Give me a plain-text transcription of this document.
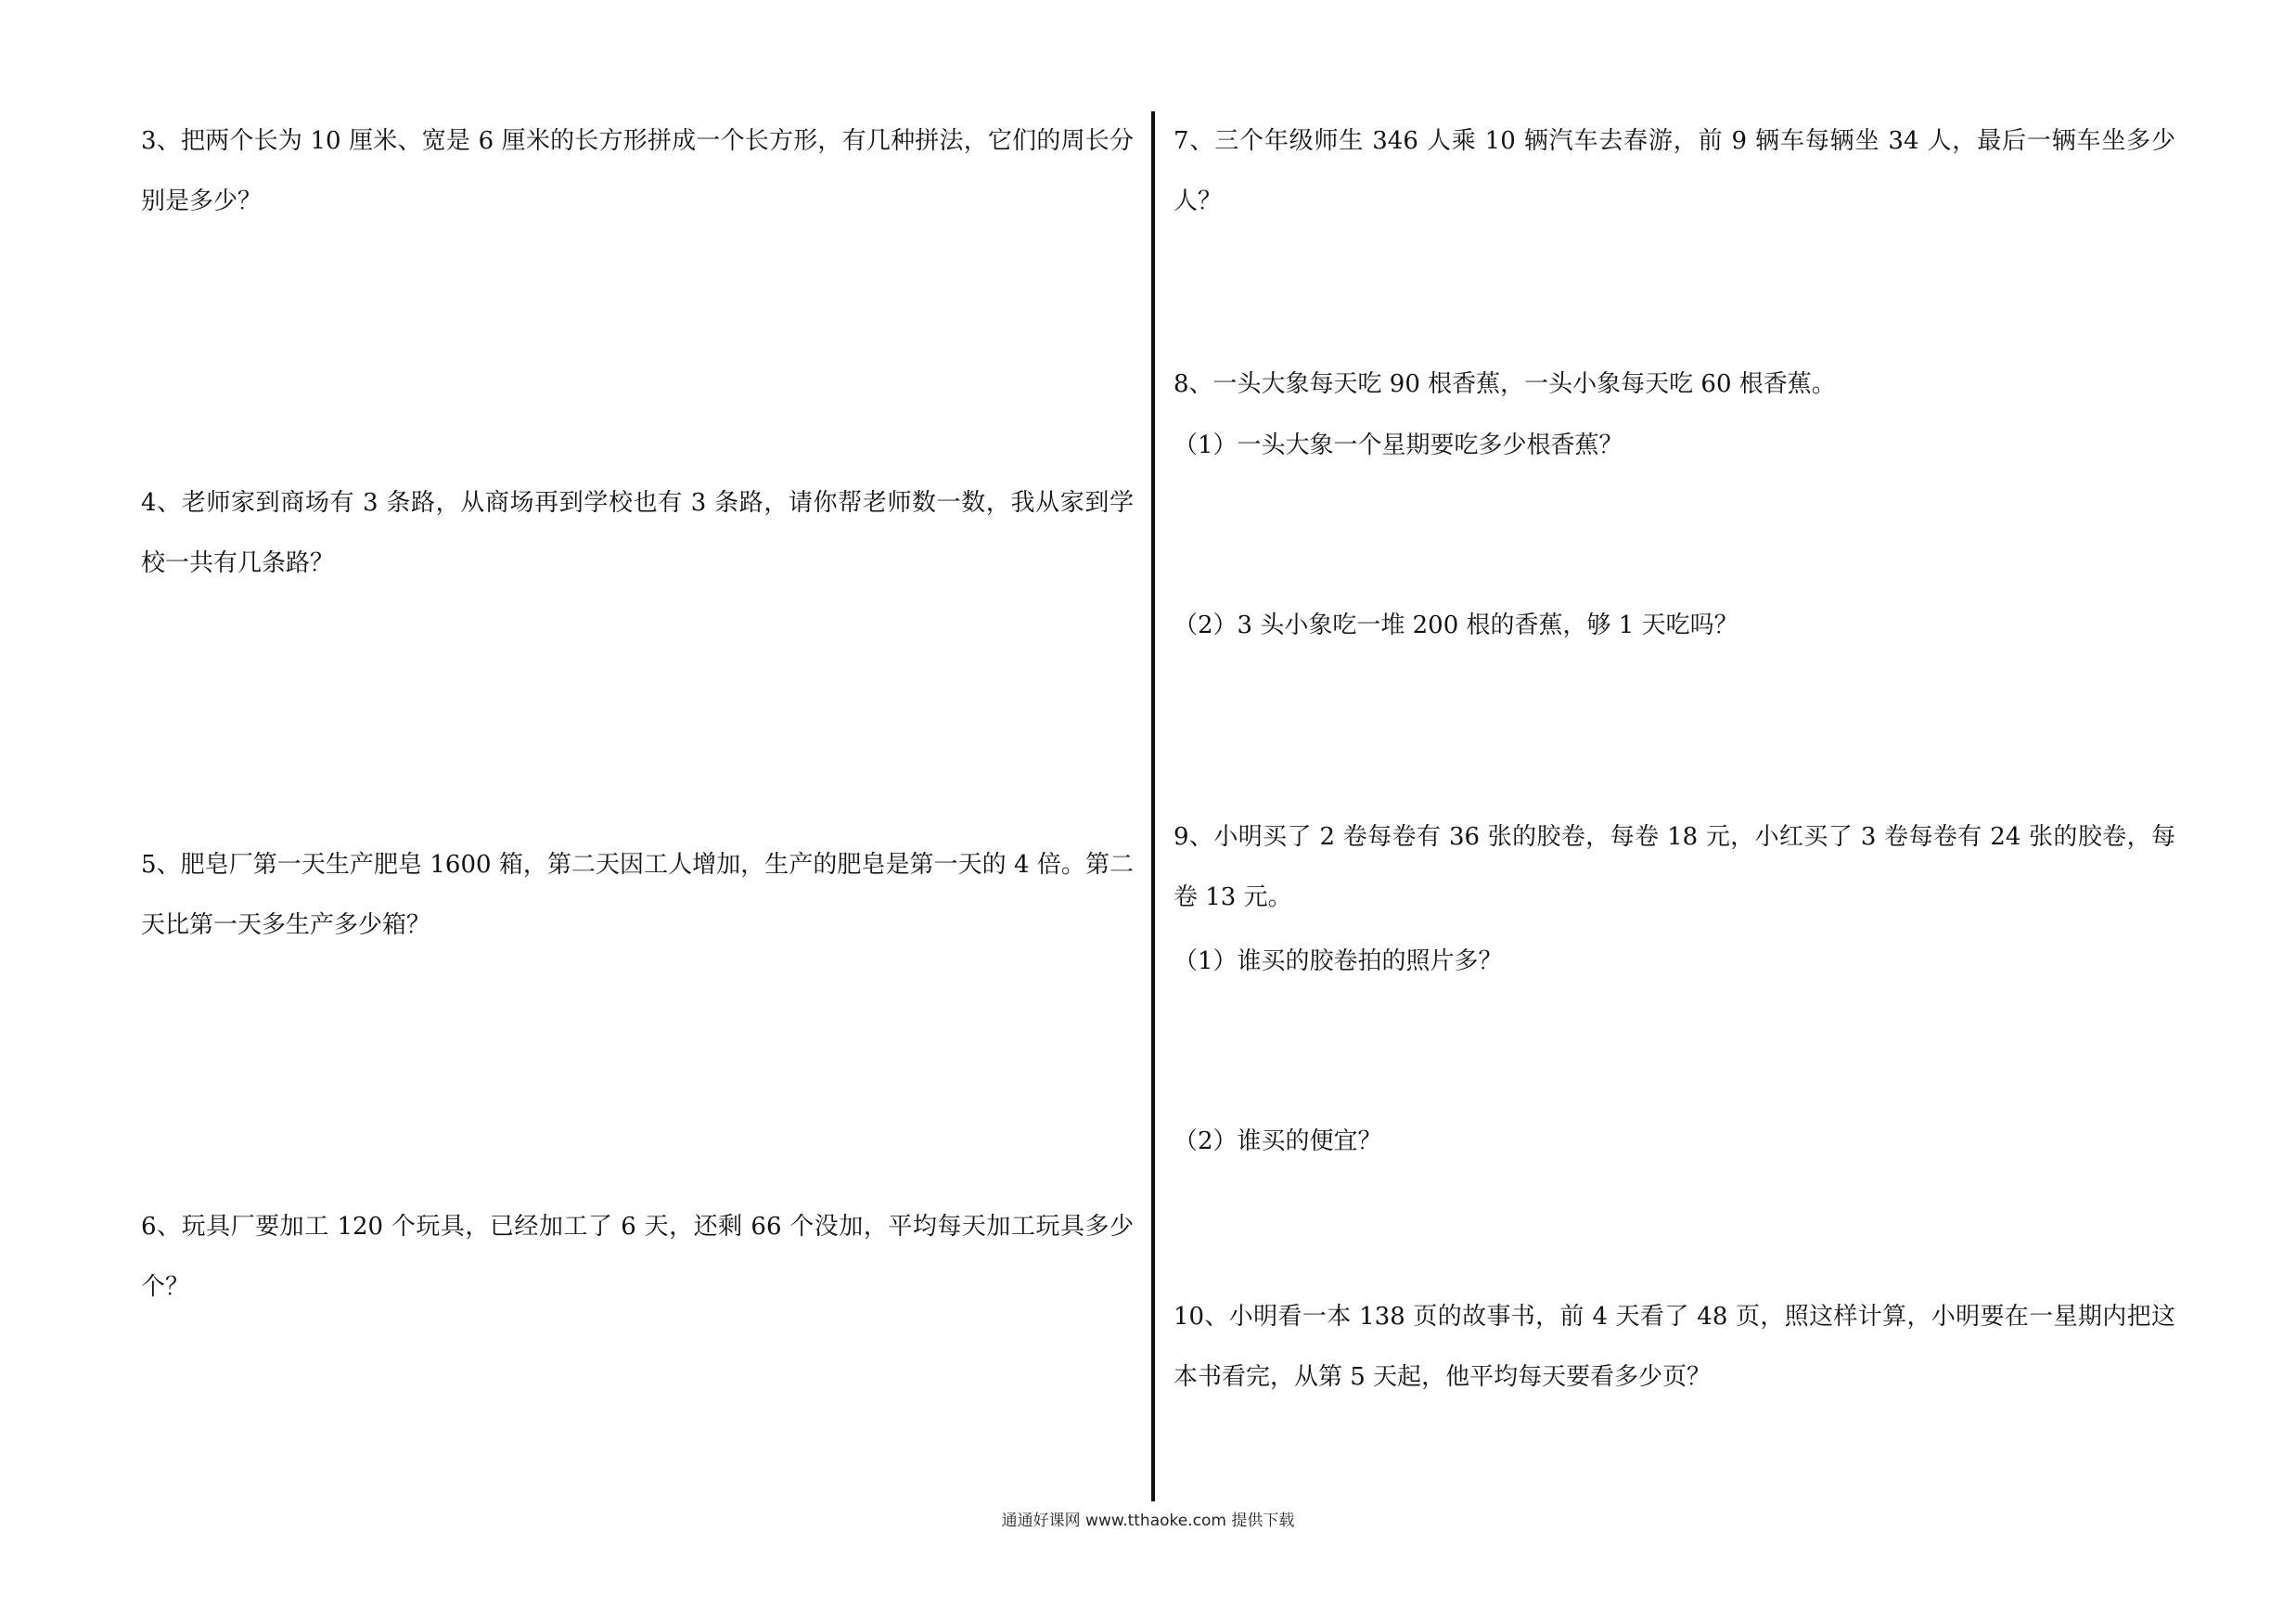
3、把两个长为 10 厘米、宽是 6 厘米的长方形拼成一个长方形，有几种拼法，它们的周长分别是多少？

4、老师家到商场有 3 条路，从商场再到学校也有 3 条路，请你帮老师数一数，我从家到学校一共有几条路？

5、肥皂厂第一天生产肥皂 1600 箱，第二天因工人增加，生产的肥皂是第一天的 4 倍。第二天比第一天多生产多少箱？

6、玩具厂要加工 120 个玩具，已经加工了 6 天，还剩 66 个没加，平均每天加工玩具多少个？

7、三个年级师生 346 人乘 10 辆汽车去春游，前 9 辆车每辆坐 34 人，最后一辆车坐多少人？

8、一头大象每天吃 90 根香蕉，一头小象每天吃 60 根香蕉。

（1）一头大象一个星期要吃多少根香蕉？

（2）3 头小象吃一堆 200 根的香蕉，够 1 天吃吗？

9、小明买了 2 卷每卷有 36 张的胶卷，每卷 18 元，小红买了 3 卷每卷有 24 张的胶卷，每卷 13 元。

（1）谁买的胶卷拍的照片多？

（2）谁买的便宜？

10、小明看一本 138 页的故事书，前 4 天看了 48 页，照这样计算，小明要在一星期内把这本书看完，从第 5 天起，他平均每天要看多少页？

通通好课网 www.tthaoke.com 提供下载
